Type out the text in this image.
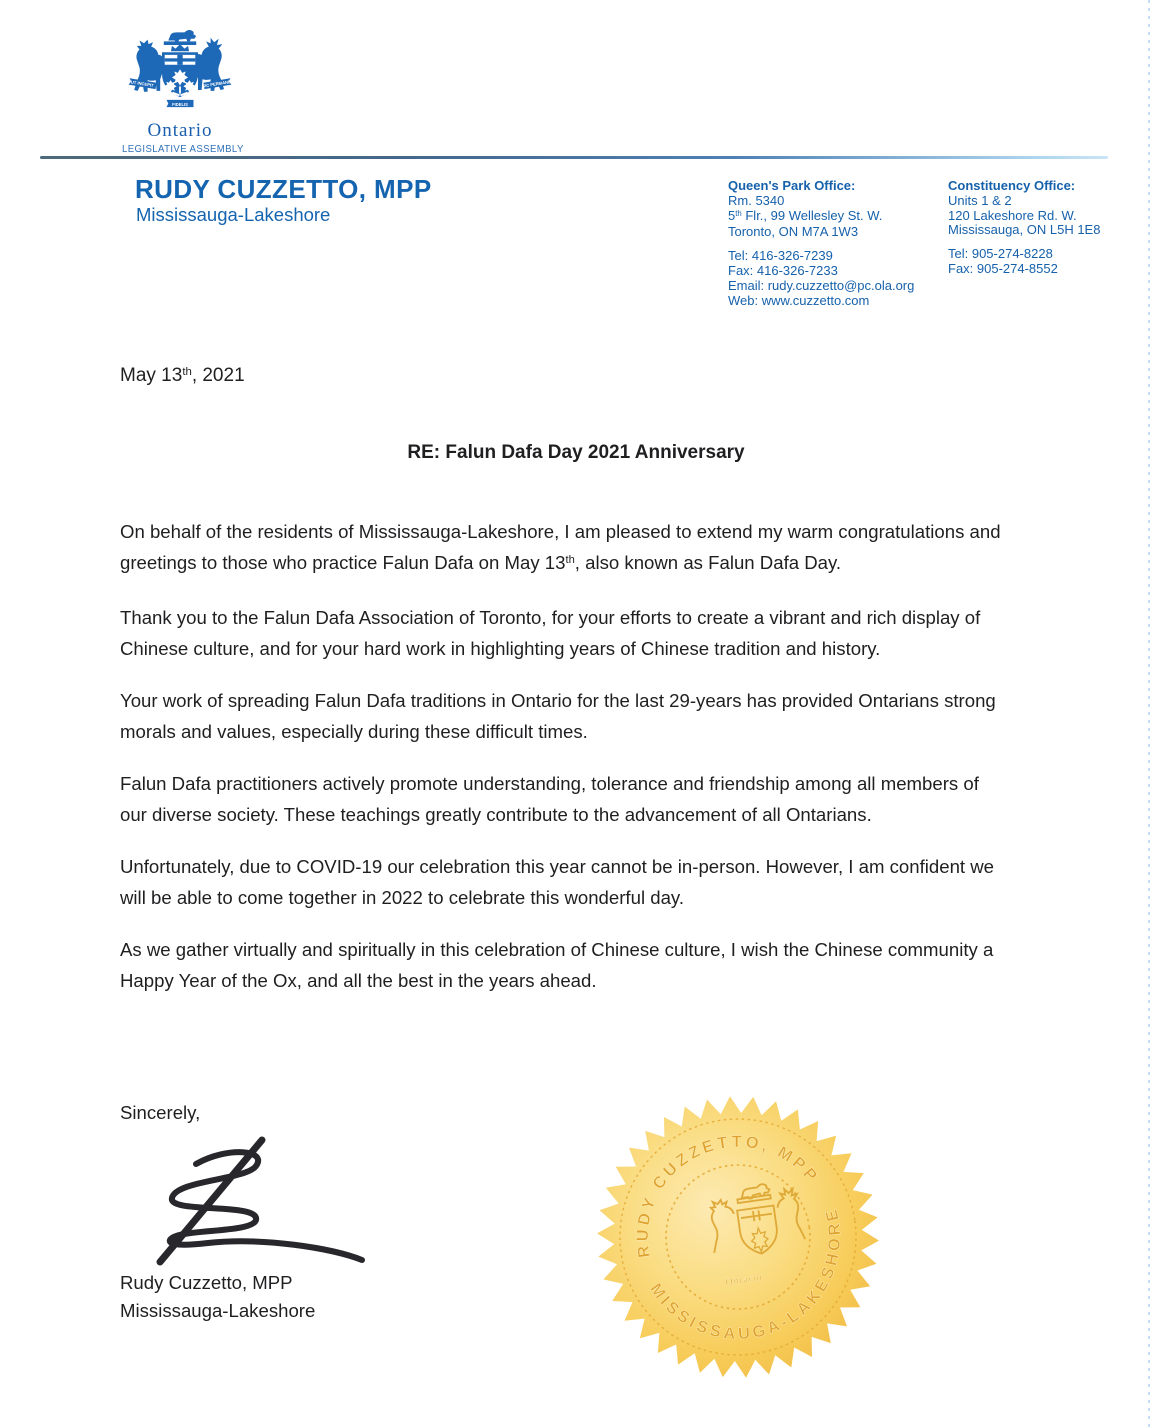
UT INCEPIT	SIC PERMANET
FIDELIS
Ontario
LEGISLATIVE ASSEMBLY
RUDY CUZZETTO, MPP
Mississauga-Lakeshore
Queen's Park Office:
Rm. 5340
5th Flr., 99 Wellesley St. W.
Toronto, ON M7A 1W3
Tel: 416-326-7239
Fax: 416-326-7233
Email: rudy.cuzzetto@pc.ola.org
Web: www.cuzzetto.com
Constituency Office:
Units 1 & 2
120 Lakeshore Rd. W.
Mississauga, ON L5H 1E8
Tel: 905-274-8228
Fax: 905-274-8552
May 13th, 2021
RE: Falun Dafa Day 2021 Anniversary

On behalf of the residents of Mississauga-Lakeshore, I am pleased to extend my warm congratulations and greetings to those who practice Falun Dafa on May 13th, also known as Falun Dafa Day.

Thank you to the Falun Dafa Association of Toronto, for your efforts to create a vibrant and rich display of Chinese culture, and for your hard work in highlighting years of Chinese tradition and history.

Your work of spreading Falun Dafa traditions in Ontario for the last 29-years has provided Ontarians strong morals and values, especially during these difficult times.

Falun Dafa practitioners actively promote understanding, tolerance and friendship among all members of our diverse society. These teachings greatly contribute to the advancement of all Ontarians.

Unfortunately, due to COVID-19 our celebration this year cannot be in-person. However, I am confident we will be able to come together in 2022 to celebrate this wonderful day.

As we gather virtually and spiritually in this celebration of Chinese culture, I wish the Chinese community a Happy Year of the Ox, and all the best in the years ahead.

Sincerely,
Rudy Cuzzetto, MPP
Mississauga-Lakeshore
RUDY CUZZETTO, MPP
MISSISSAUGA-LAKESHORE
Ontario
